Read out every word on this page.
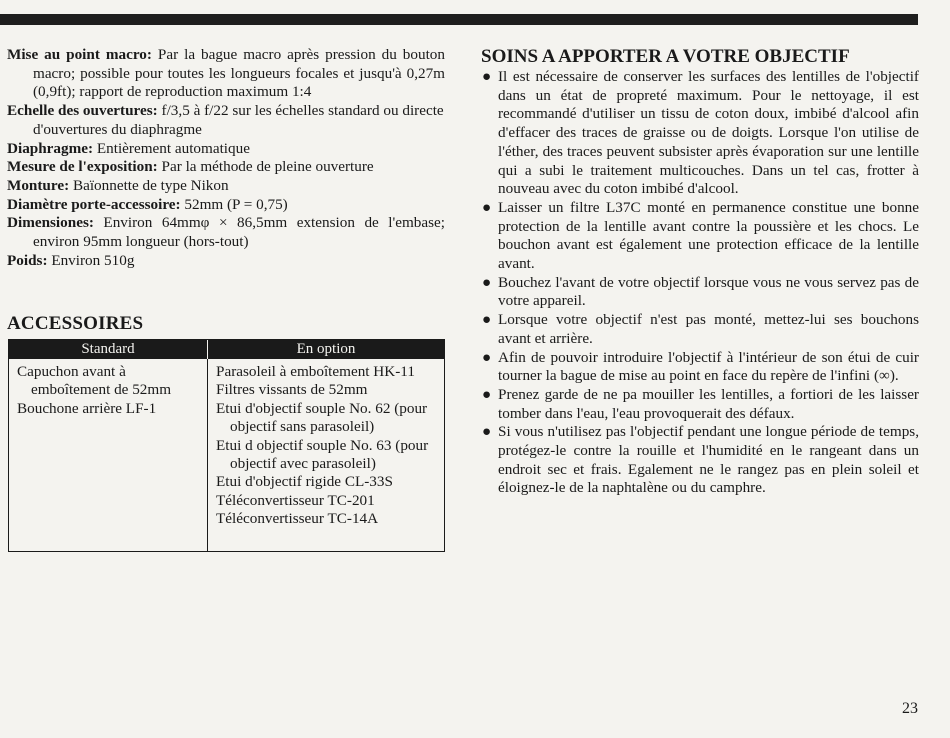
Mise au point macro: Par la bague macro après pression du bouton macro; possible pour toutes les longueurs focales et jusqu'à 0,27m (0,9ft); rapport de reproduction maximum 1:4

Echelle des ouvertures: f/3,5 à f/22 sur les échelles standard ou directe d'ouvertures du diaphragme

Diaphragme: Entièrement automatique

Mesure de l'exposition: Par la méthode de pleine ouverture

Monture: Baïonnette de type Nikon

Diamètre porte-accessoire: 52mm (P = 0,75)

Dimensiones: Environ 64mmφ × 86,5mm extension de l'embase; environ 95mm longueur (hors-tout)

Poids: Environ 510g

ACCESSOIRES
Standard	En option

Capuchon avant à emboîtement de 52mm

Bouchone arrière LF-1

Parasoleil à emboîtement HK-11

Filtres vissants de 52mm

Etui d'objectif souple No. 62 (pour objectif sans parasoleil)

Etui d objectif souple No. 63 (pour objectif avec parasoleil)

Etui d'objectif rigide CL-33S

Téléconvertisseur TC-201

Téléconvertisseur TC-14A

SOINS A APPORTER A VOTRE OBJECTIF
● Il est nécessaire de conserver les surfaces des lentilles de l'objectif dans un état de propreté maximum. Pour le nettoyage, il est recommandé d'utiliser un tissu de coton doux, imbibé d'alcool afin d'effacer des traces de graisse ou de doigts. Lorsque l'on utilise de l'éther, des traces peuvent subsister après évaporation sur une lentille qui a subi le traitement multicouches. Dans un tel cas, frotter à nouveau avec du coton imbibé d'alcool.
● Laisser un filtre L37C monté en permanence constitue une bonne protection de la lentille avant contre la poussière et les chocs. Le bouchon avant est également une protection efficace de la lentille avant.
● Bouchez l'avant de votre objectif lorsque vous ne vous servez pas de votre appareil.
● Lorsque votre objectif n'est pas monté, mettez-lui ses bouchons avant et arrière.
● Afin de pouvoir introduire l'objectif à l'intérieur de son étui de cuir tourner la bague de mise au point en face du repère de l'infini (∞).
● Prenez garde de ne pa mouiller les lentilles, a fortiori de les laisser tomber dans l'eau, l'eau provoquerait des défaux.
● Si vous n'utilisez pas l'objectif pendant une longue période de temps, protégez-le contre la rouille et l'humidité en le rangeant dans un endroit sec et frais. Egalement ne le rangez pas en plein soleil et éloignez-le de la naphtalène ou du camphre.
23
